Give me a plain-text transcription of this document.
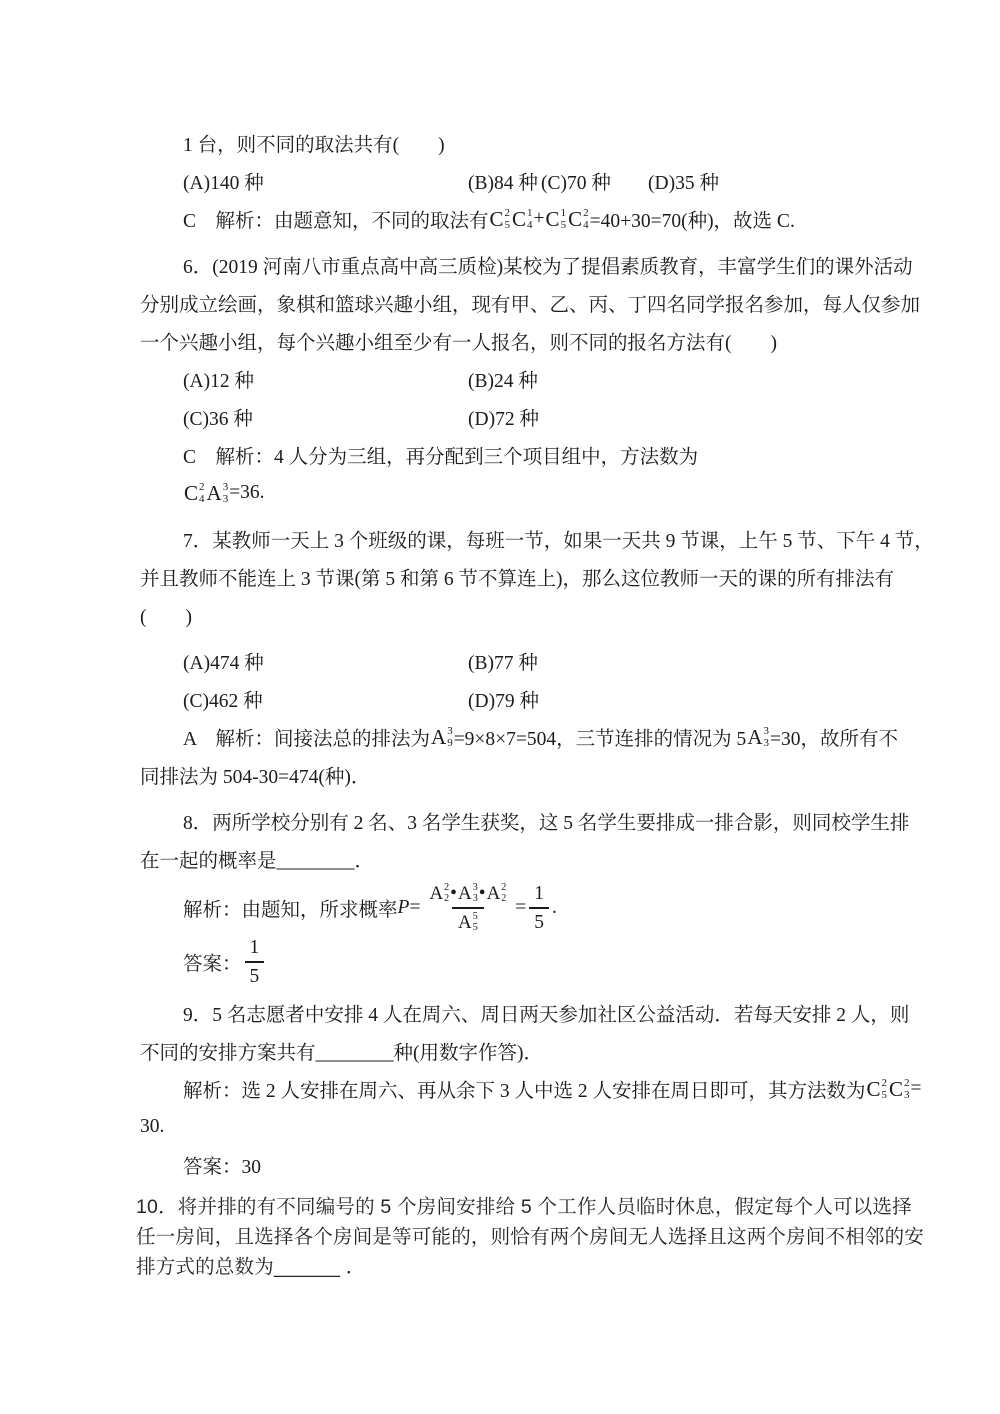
1 台，则不同的取法共有(　　)
(A)140 种	(B)84 种 (C)70 种 (D)35 种
C　解析：由题意知，不同的取法有 C 2
5 C 1
4 + C 1
5 C 2
4 =40+30=70(种)，故选 C.
6．(2019 河南八市重点高中高三质检)某校为了提倡素质教育，丰富学生们的课外活动
分别成立绘画，象棋和篮球兴趣小组，现有甲、乙、丙、丁四名同学报名参加，每人仅参加
一个兴趣小组，每个兴趣小组至少有一人报名，则不同的报名方法有(　　)
(A)12 种	(B)24 种
(C)36 种	(D)72 种
C　解析：4 人分为三组，再分配到三个项目组中，方法数为
C 2
4 A 3
3 =36.
7．某教师一天上 3 个班级的课，每班一节，如果一天共 9 节课，上午 5 节、下午 4 节，
并且教师不能连上 3 节课(第 5 和第 6 节不算连上)，那么这位教师一天的课的所有排法有
(　　)
(A)474 种	(B)77 种
(C)462 种	(D)79 种
A　解析：间接法总的排法为 A 3
9 =9×8×7=504，三节连排的情况为 5 A 3
3 =30，故所有不
同排法为 504-30=474(种)．
8．两所学校分别有 2 名、3 名学生获奖，这 5 名学生要排成一排合影，则同校学生排
在一起的概率是________．
解析：由题知，所求概率 P = A 2
2 • A 3
3 • A 2
2
A 5
$5 = \frac{1}{5}$ .
答案： $\frac{1}{5}$
9．5 名志愿者中安排 4 人在周六、周日两天参加社区公益活动．若每天安排 2 人，则
不同的安排方案共有________种(用数字作答)．
解析：选 2 人安排在周六、再从余下 3 人中选 2 人安排在周日即可，其方法数为 C 2
5 C 2
3 =
30.
答案：30
10．将并排的有不同编号的 5 个房间安排给 5 个工作人员临时休息，假定每个人可以选择
任一房间，且选择各个房间是等可能的，则恰有两个房间无人选择且这两个房间不相邻的安
排方式的总数为______ ．
